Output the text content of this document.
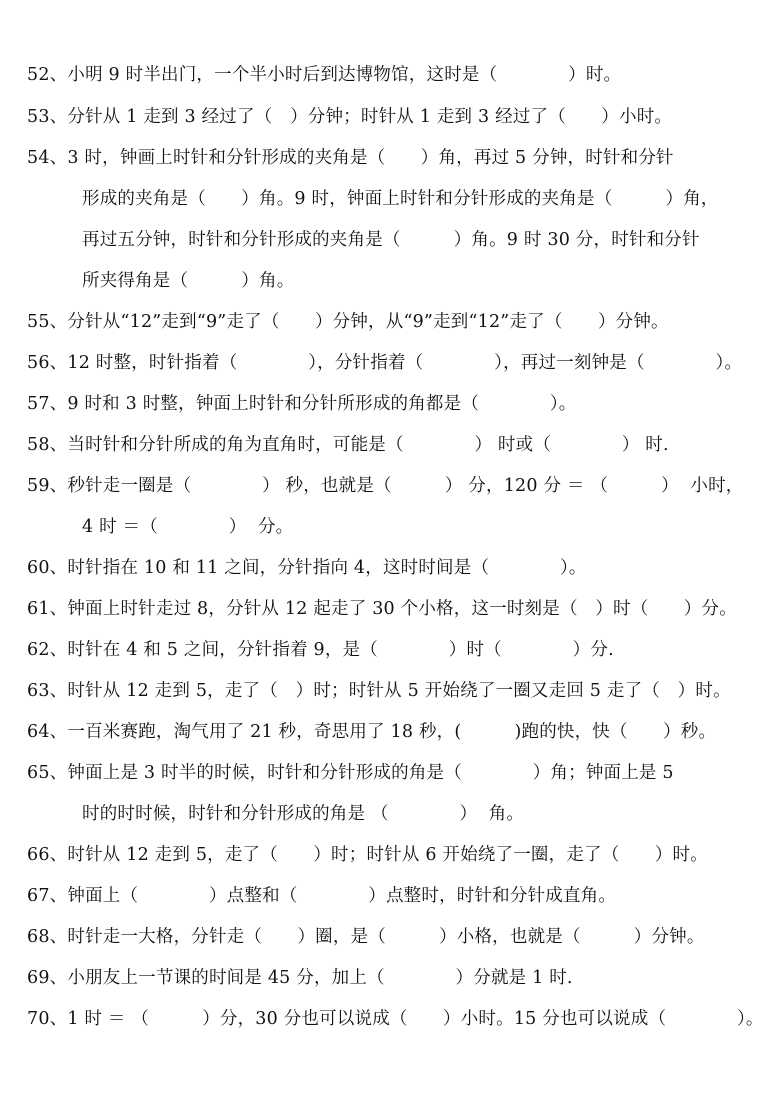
52、小明 9 时半出门，一个半小时后到达博物馆，这时是（　　　　）时。
53、分针从 1 走到 3 经过了（　）分钟；时针从 1 走到 3 经过了（　　）小时。
54、3 时，钟画上时针和分针形成的夹角是（　　）角，再过 5 分钟，时针和分针
形成的夹角是（　　）角。9 时，钟面上时针和分针形成的夹角是（　　　）角，
再过五分钟，时针和分针形成的夹角是（　　　）角。9 时 30 分，时针和分针
所夹得角是（　　　）角。
55、分针从“12”走到“9”走了（　　）分钟，从“9”走到“12”走了（　　）分钟。
56、12 时整，时针指着（　　　　），分针指着（　　　　），再过一刻钟是（　　　　）。
57、9 时和 3 时整，钟面上时针和分针所形成的角都是（　　　　）。
58、当时针和分针所成的角为直角时，可能是（　　　　） 时或（　　　　） 时.
59、秒针走一圈是（　　　　） 秒，也就是（　　　） 分，120 分 ＝ （　　　）  小时，
4 时 ＝（　　　　）  分。
60、时针指在 10 和 11 之间，分针指向 4，这时时间是（　　　　）。
61、钟面上时针走过 8，分针从 12 起走了 30 个小格，这一时刻是（　）时（　　）分。
62、时针在 4 和 5 之间，分针指着 9，是（　　　　）时（　　　　）分.
63、时针从 12 走到 5，走了（　）时；时针从 5 开始绕了一圈又走回 5 走了（　）时。
64、一百米赛跑，淘气用了 21 秒，奇思用了 18 秒，(　　　)跑的快，快（　　）秒。
65、钟面上是 3 时半的时候，时针和分针形成的角是（　　　　）角；钟面上是 5
时的时时候，时针和分针形成的角是 （　　　　）  角。
66、时针从 12 走到 5，走了（　　）时；时针从 6 开始绕了一圈，走了（　　）时。
67、钟面上（　　　　）点整和（　　　　）点整时，时针和分针成直角。
68、时针走一大格，分针走（　　）圈，是（　　　）小格，也就是（　　　）分钟。
69、小朋友上一节课的时间是 45 分，加上（　　　　）分就是 1 时.
70、1 时 ＝ （　　　）分，30 分也可以说成（　　）小时。15 分也可以说成（　　　　）。
